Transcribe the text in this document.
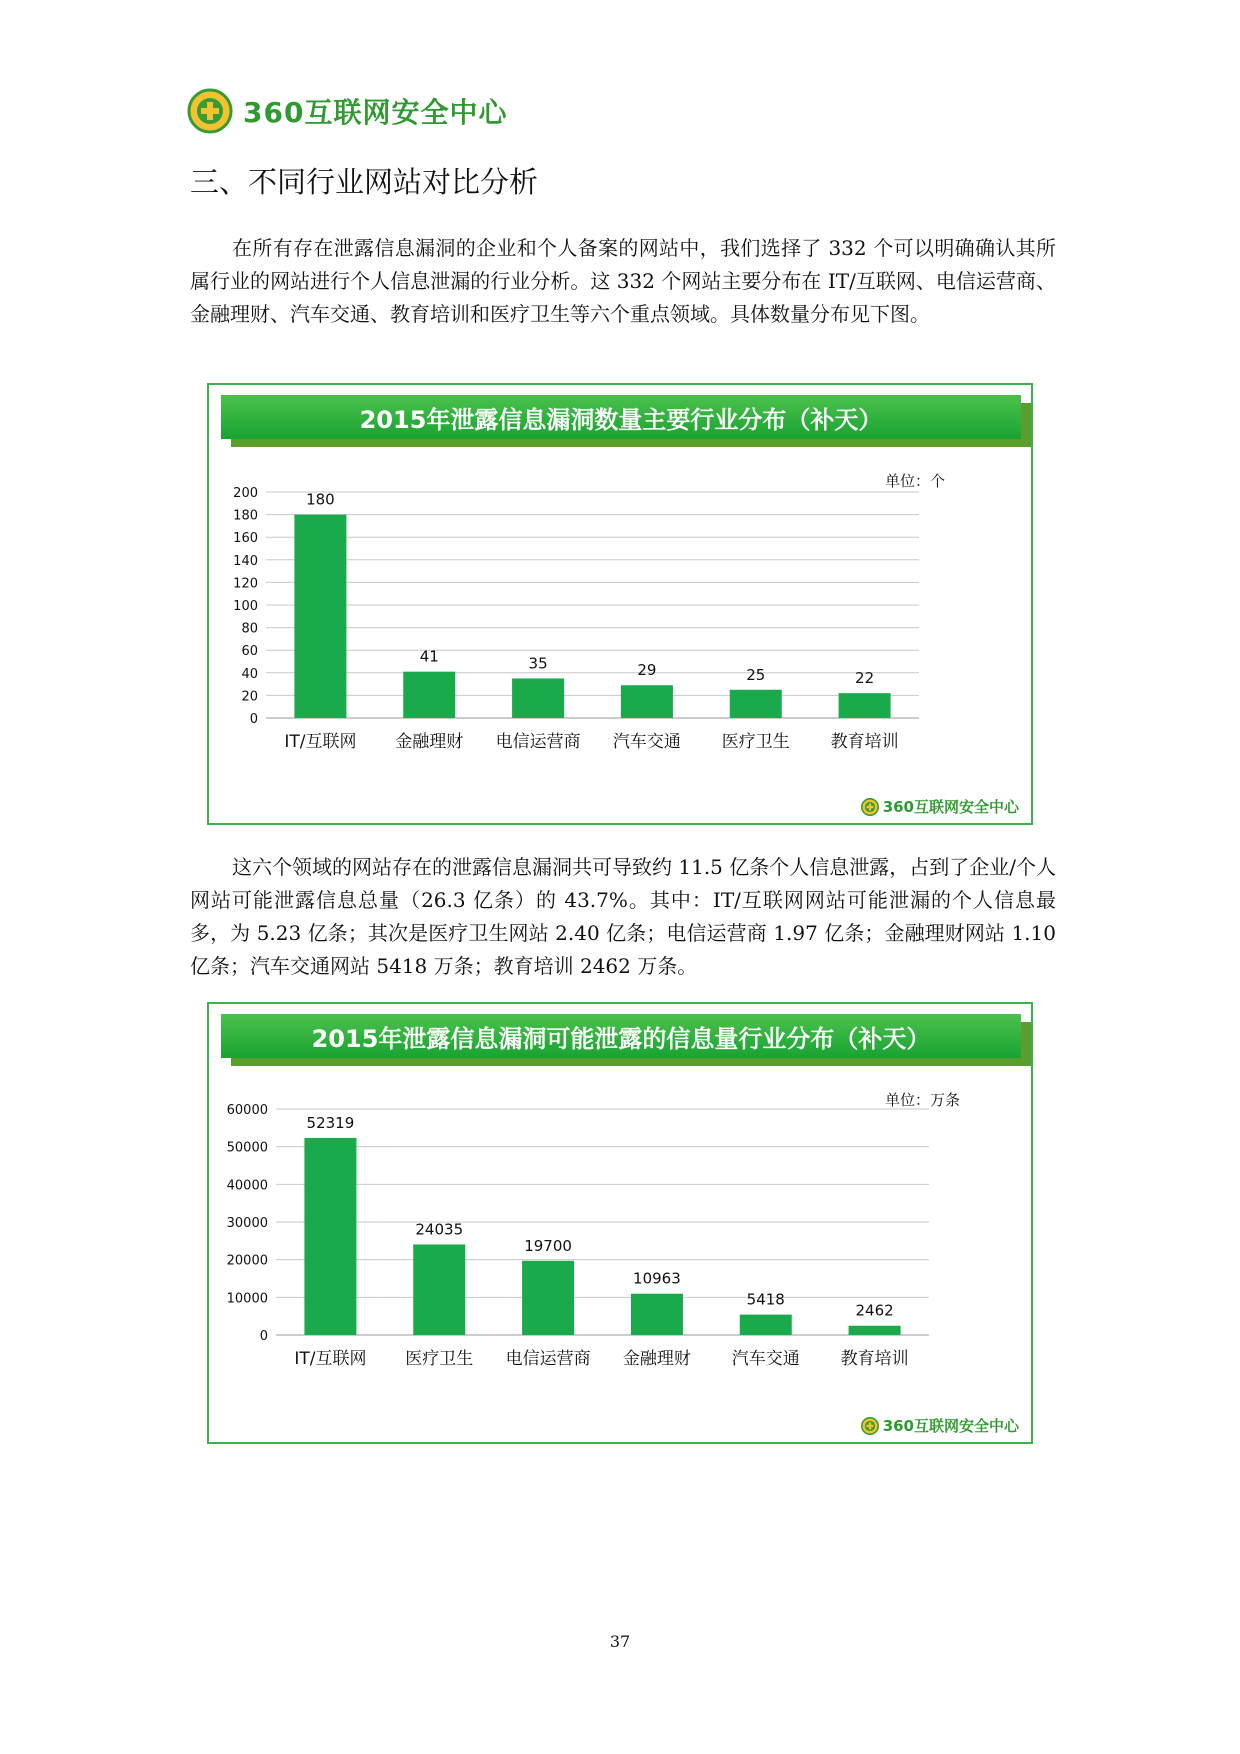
360互联网安全中心
三、不同行业网站对比分析

在所有存在泄露信息漏洞的企业和个人备案的网站中，我们选择了 332 个可以明确确认其所属行业的网站进行个人信息泄漏的行业分析。这 332 个网站主要分布在 IT/互联网、电信运营商、金融理财、汽车交通、教育培训和医疗卫生等六个重点领域。具体数量分布见下图。

2015年泄露信息漏洞数量主要行业分布（补天）
单位：个
0
20
40
60
80
100
120
140
160
180
200	180
IT/互联网
41
金融理财
35
电信运营商
29
汽车交通
25
医疗卫生
22
教育培训
360互联网安全中心

这六个领域的网站存在的泄露信息漏洞共可导致约 11.5 亿条个人信息泄露，占到了企业/个人网站可能泄露信息总量（26.3 亿条）的 43.7%。其中：IT/互联网网站可能泄漏的个人信息最多，为 5.23 亿条；其次是医疗卫生网站 2.40 亿条；电信运营商 1.97 亿条；金融理财网站 1.10 亿条；汽车交通网站 5418 万条；教育培训 2462 万条。

2015年泄露信息漏洞可能泄露的信息量行业分布（补天）
单位：万条
0
10000
20000
30000
40000
50000
60000
52319
IT/互联网
24035
医疗卫生
19700
电信运营商
10963
金融理财
5418
汽车交通
2462
教育培训
360互联网安全中心
37
